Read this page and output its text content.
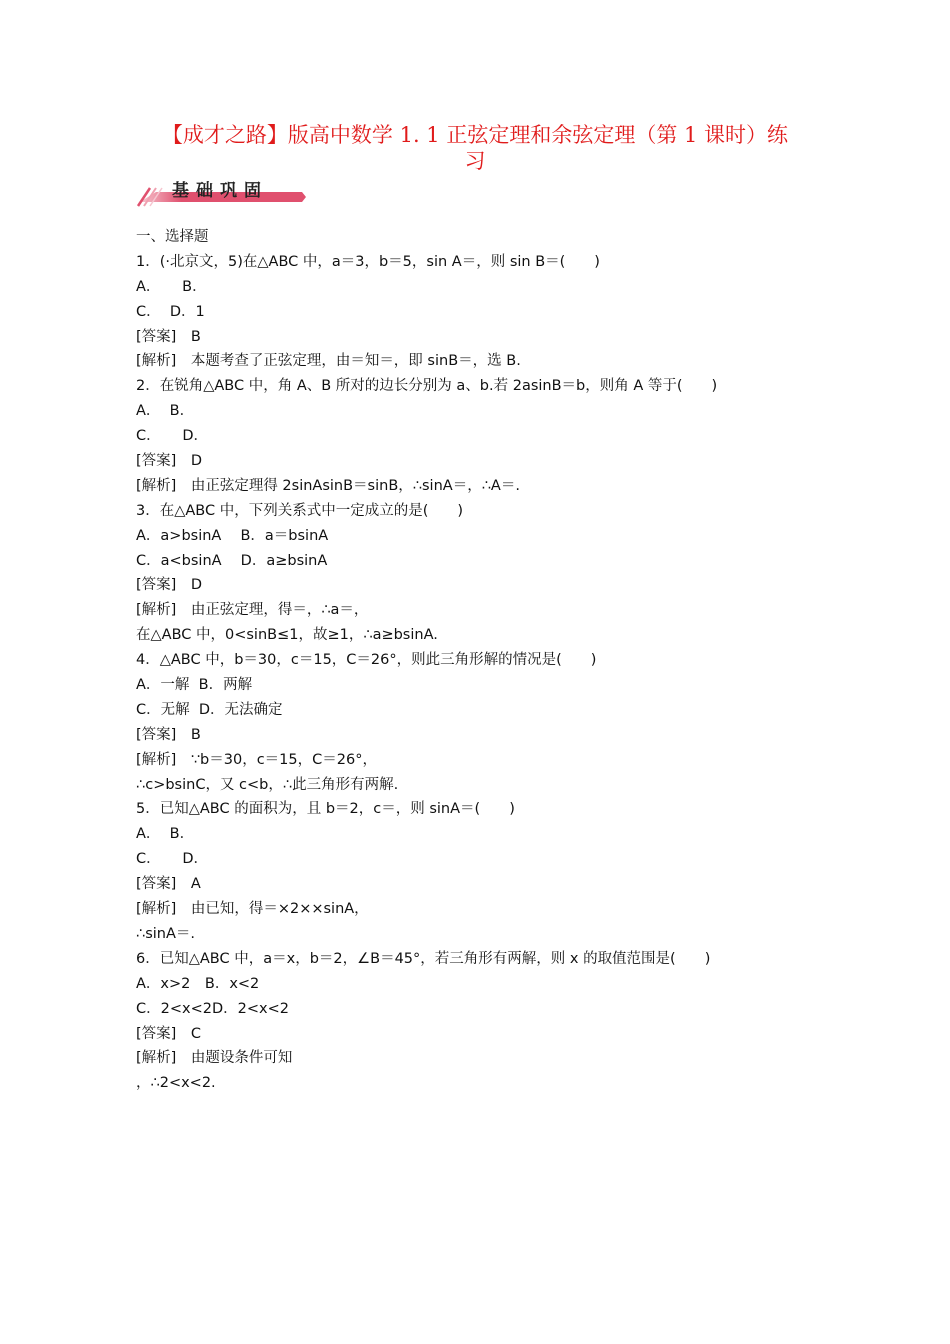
【成才之路】版高中数学 1. 1 正弦定理和余弦定理（第 1 课时）练
习
基础巩固
一、选择题
1．(·北京文，5)在△ABC 中，a＝3，b＝5，sin A＝，则 sin B＝(　　)
A．　　B．
C．  D．1
[答案]　B
[解析]　本题考查了正弦定理，由＝知＝，即 sinB＝，选 B.
2．在锐角△ABC 中，角 A、B 所对的边长分别为 a、b.若 2asinB＝b，则角 A 等于(　　)
A．  B．
C．　　D．
[答案]　D
[解析]　由正弦定理得 2sinAsinB＝sinB，∴sinA＝，∴A＝.
3．在△ABC 中，下列关系式中一定成立的是(　　)
A．a>bsinA　 B．a＝bsinA
C．a<bsinA　 D．a≥bsinA
[答案]　D
[解析]　由正弦定理，得＝，∴a＝，
在△ABC 中，0<sinB≤1，故≥1，∴a≥bsinA.
4．△ABC 中，b＝30，c＝15，C＝26°，则此三角形解的情况是(　　)
A．一解  B．两解
C．无解  D．无法确定
[答案]　B
[解析]　∵b＝30，c＝15，C＝26°，
∴c>bsinC，又 c<b，∴此三角形有两解.
5．已知△ABC 的面积为，且 b＝2，c＝，则 sinA＝(　　)
A．  B．
C．　　D．
[答案]　A
[解析]　由已知，得＝×2××sinA，
∴sinA＝.
6．已知△ABC 中，a＝x，b＝2，∠B＝45°，若三角形有两解，则 x 的取值范围是(　　)
A．x>2　B．x<2
C．2<x<2D．2<x<2
[答案]　C
[解析]　由题设条件可知
，∴2<x<2.
